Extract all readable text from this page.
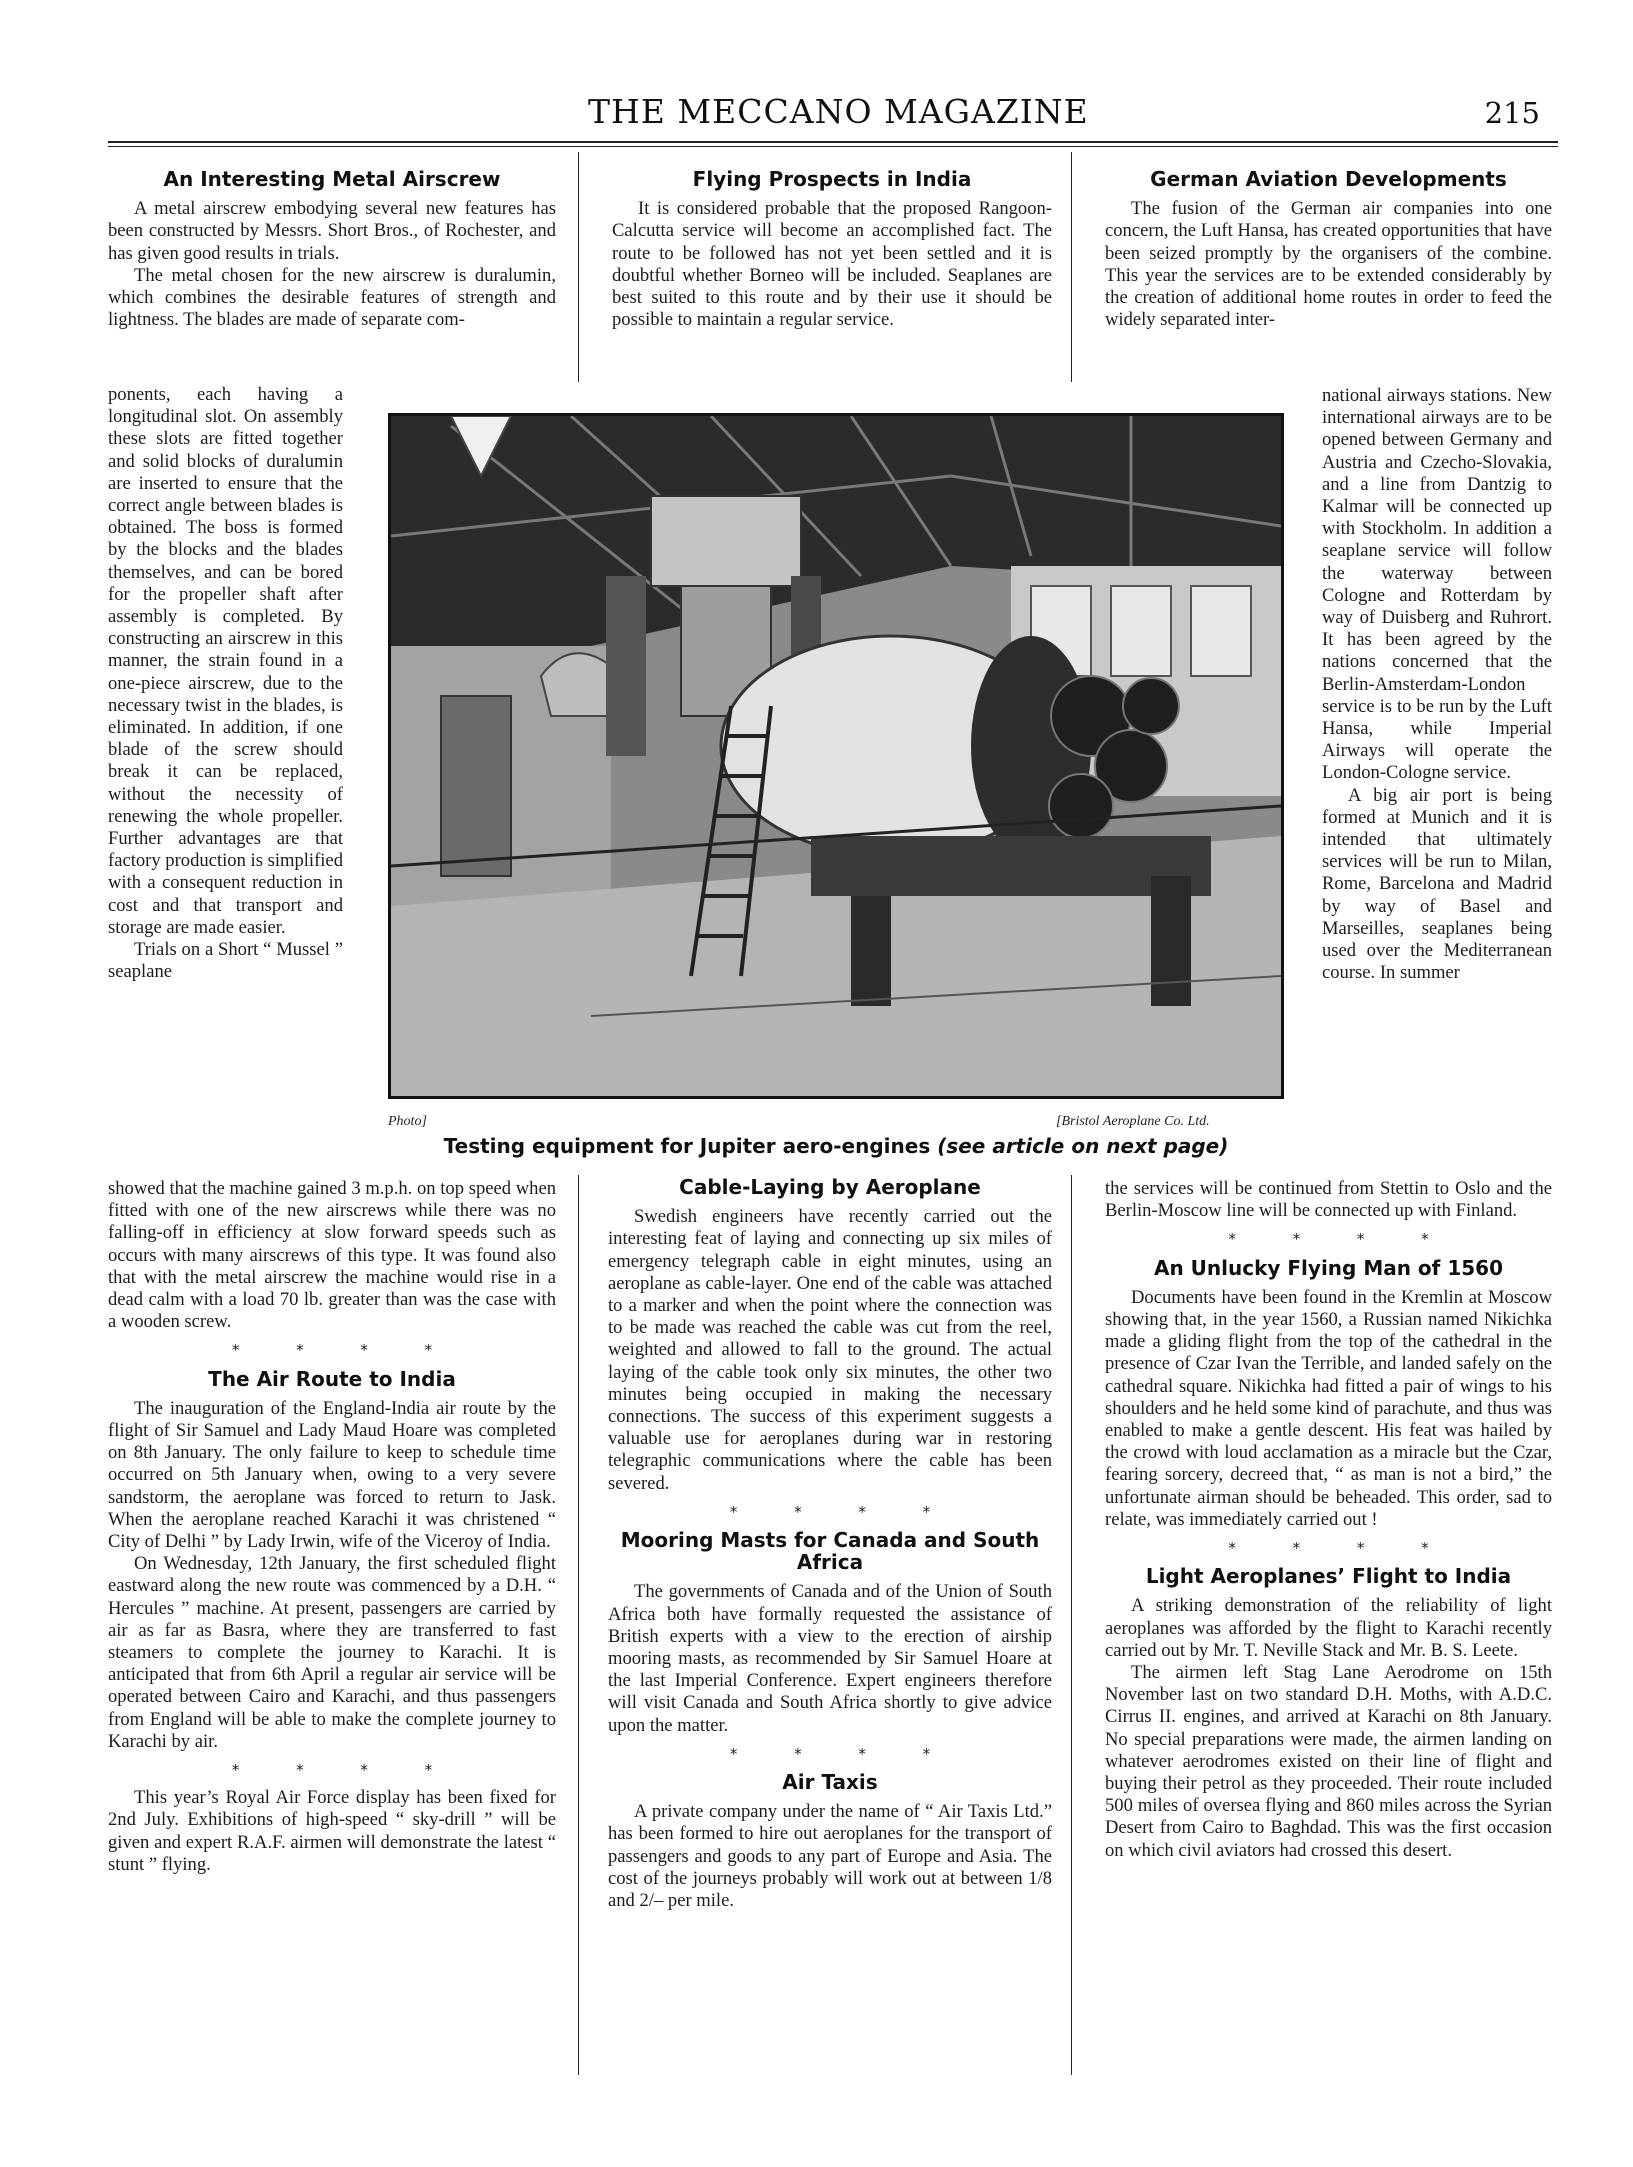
THE MECCANO MAGAZINE	215
An Interesting Metal Airscrew

A metal airscrew embodying several new features has been constructed by Messrs. Short Bros., of Rochester, and has given good results in trials.

The metal chosen for the new airscrew is duralumin, which combines the desirable features of strength and lightness. The blades are made of separate com-

ponents, each having a longitudinal slot. On assembly these slots are fitted together and solid blocks of duralumin are inserted to ensure that the correct angle between blades is obtained. The boss is formed by the blocks and the blades themselves, and can be bored for the propeller shaft after assembly is completed. By constructing an airscrew in this manner, the strain found in a one-piece airscrew, due to the necessary twist in the blades, is eliminated. In addition, if one blade of the screw should break it can be replaced, without the necessity of renewing the whole propeller. Further advantages are that factory production is simplified with a consequent reduction in cost and that transport and storage are made easier.

Trials on a Short “ Mussel ” seaplane

showed that the machine gained 3 m.p.h. on top speed when fitted with one of the new airscrews while there was no falling-off in efficiency at slow forward speeds such as occurs with many airscrews of this type. It was found also that with the metal airscrew the machine would rise in a dead calm with a load 70 lb. greater than was the case with a wooden screw.

* * * *
The Air Route to India

The inauguration of the England-India air route by the flight of Sir Samuel and Lady Maud Hoare was completed on 8th January. The only failure to keep to schedule time occurred on 5th January when, owing to a very severe sandstorm, the aeroplane was forced to return to Jask. When the aeroplane reached Karachi it was christened “ City of Delhi ” by Lady Irwin, wife of the Viceroy of India.

On Wednesday, 12th January, the first scheduled flight eastward along the new route was commenced by a D.H. “ Hercules ” machine. At present, passengers are carried by air as far as Basra, where they are transferred to fast steamers to complete the journey to Karachi. It is anticipated that from 6th April a regular air service will be operated between Cairo and Karachi, and thus passengers from England will be able to make the complete journey to Karachi by air.

* * * *

This year’s Royal Air Force display has been fixed for 2nd July. Exhibitions of high-speed “ sky-drill ” will be given and expert R.A.F. airmen will demonstrate the latest “ stunt ” flying.

Flying Prospects in India

It is considered probable that the proposed Rangoon-Calcutta service will become an accomplished fact. The route to be followed has not yet been settled and it is doubtful whether Borneo will be included. Seaplanes are best suited to this route and by their use it should be possible to maintain a regular service.

Cable-Laying by Aeroplane

Swedish engineers have recently carried out the interesting feat of laying and connecting up six miles of emergency telegraph cable in eight minutes, using an aeroplane as cable-layer. One end of the cable was attached to a marker and when the point where the connection was to be made was reached the cable was cut from the reel, weighted and allowed to fall to the ground. The actual laying of the cable took only six minutes, the other two minutes being occupied in making the necessary connections. The success of this experiment suggests a valuable use for aeroplanes during war in restoring telegraphic communications where the cable has been severed.

* * * *
Mooring Masts for Canada and South Africa

The governments of Canada and of the Union of South Africa both have formally requested the assistance of British experts with a view to the erection of airship mooring masts, as recommended by Sir Samuel Hoare at the last Imperial Conference. Expert engineers therefore will visit Canada and South Africa shortly to give advice upon the matter.

* * * *
Air Taxis

A private company under the name of “ Air Taxis Ltd.” has been formed to hire out aeroplanes for the transport of passengers and goods to any part of Europe and Asia. The cost of the journeys probably will work out at between 1/8 and 2/– per mile.

German Aviation Developments

The fusion of the German air companies into one concern, the Luft Hansa, has created opportunities that have been seized promptly by the organisers of the combine. This year the services are to be extended considerably by the creation of additional home routes in order to feed the widely separated inter-

national airways stations. New international airways are to be opened between Germany and Austria and Czecho-Slovakia, and a line from Dantzig to Kalmar will be connected up with Stockholm. In addition a seaplane service will follow the waterway between Cologne and Rotterdam by way of Duisberg and Ruhrort. It has been agreed by the nations concerned that the Berlin-Amsterdam-London service is to be run by the Luft Hansa, while Imperial Airways will operate the London-Cologne service.

A big air port is being formed at Munich and it is intended that ultimately services will be run to Milan, Rome, Barcelona and Madrid by way of Basel and Marseilles, seaplanes being used over the Mediterranean course. In summer

the services will be continued from Stettin to Oslo and the Berlin-Moscow line will be connected up with Finland.

* * * *
An Unlucky Flying Man of 1560

Documents have been found in the Kremlin at Moscow showing that, in the year 1560, a Russian named Nikichka made a gliding flight from the top of the cathedral in the presence of Czar Ivan the Terrible, and landed safely on the cathedral square. Nikichka had fitted a pair of wings to his shoulders and he held some kind of parachute, and thus was enabled to make a gentle descent. His feat was hailed by the crowd with loud acclamation as a miracle but the Czar, fearing sorcery, decreed that, “ as man is not a bird,” the unfortunate airman should be beheaded. This order, sad to relate, was immediately carried out !

* * * *
Light Aeroplanes’ Flight to India

A striking demonstration of the reliability of light aeroplanes was afforded by the flight to Karachi recently carried out by Mr. T. Neville Stack and Mr. B. S. Leete.

The airmen left Stag Lane Aerodrome on 15th November last on two standard D.H. Moths, with A.D.C. Cirrus II. engines, and arrived at Karachi on 8th January. No special preparations were made, the airmen landing on whatever aerodromes existed on their line of flight and buying their petrol as they proceeded. Their route included 500 miles of oversea flying and 860 miles across the Syrian Desert from Cairo to Baghdad. This was the first occasion on which civil aviators had crossed this desert.

Photo]	[Bristol Aeroplane Co. Ltd.
Testing equipment for Jupiter aero-engines (see article on next page)
